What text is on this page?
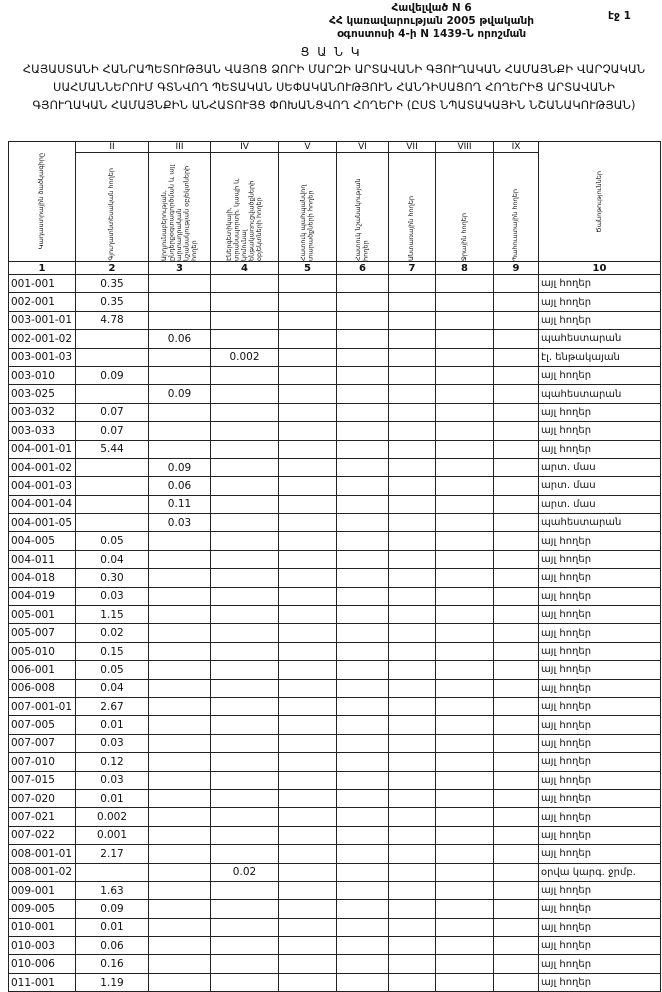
Հավելված N 6
ՀՀ կառավարության 2005 թվականի
օգոստոսի 4-ի N 1439-Ն որոշման
էջ 1
Ց Ա Ն Կ
ՀԱՅԱՍՏԱՆԻ ՀԱՆՐԱՊԵՏՈՒԹՅԱՆ ՎԱՅՈՑ ՁՈՐԻ ՄԱՐԶԻ ԱՐՏԱՎԱՆԻ ԳՅՈՒՂԱԿԱՆ ՀԱՄԱՅՆՔԻ ՎԱՐՉԱԿԱՆ ՍԱՀՄԱՆՆԵՐՈՒՄ ԳՏՆՎՈՂ ՊԵՏԱԿԱՆ ՍԵՓԱԿԱՆՈՒԹՅՈՒՆ ՀԱՆԴԻՍԱՑՈՂ ՀՈՂԵՐԻՑ ԱՐՏԱՎԱՆԻ ԳՅՈՒՂԱԿԱՆ ՀԱՄԱՅՆՔԻՆ ԱՆՀԱՏՈՒՅՑ ՓՈԽԱՆՑՎՈՂ ՀՈՂԵՐԻ (ԸՍՏ ՆՊԱՏԱԿԱՅԻՆ ՆՇԱՆԱԿՈՒԹՅԱՆ)
Կադաստրային ծածկագիրը	II	III	IV	V	VI	VII	VIII	IX	Ծանոթություններ

	Գյուղատնտեսական հողեր	Արդյունաբերության, ընդերքօգտագործման և այլ արտադրական նշանակության օբյեկտների հողեր	Էներգետիկայի, տրանսպորտի, կապի և կոմունալ ենթակառուցվածքների օբյեկտների հողեր	Հատուկ պահպանվող տարածքների հողեր	Հատուկ նշանակության հողեր	Անտառային հողեր	Ջրային հողեր	Պահուստային հողեր	

1	2	3	4	5	6	7	8	9	10
001-001	0.35								այլ հողեր
002-001	0.35								այլ հողեր
003-001-01	4.78								այլ հողեր
002-001-02		0.06							պահեստարան
003-001-03			0.002						էլ. ենթակայան
003-010	0.09								այլ հողեր
003-025		0.09							պահեստարան
003-032	0.07								այլ հողեր
003-033	0.07								այլ հողեր
004-001-01	5.44								այլ հողեր
004-001-02		0.09							արտ. մաս
004-001-03		0.06							արտ. մաս
004-001-04		0.11							արտ. մաս
004-001-05		0.03							պահեստարան
004-005	0.05								այլ հողեր
004-011	0.04								այլ հողեր
004-018	0.30								այլ հողեր
004-019	0.03								այլ հողեր
005-001	1.15								այլ հողեր
005-007	0.02								այլ հողեր
005-010	0.15								այլ հողեր
006-001	0.05								այլ հողեր
006-008	0.04								այլ հողեր
007-001-01	2.67								այլ հողեր
007-005	0.01								այլ հողեր
007-007	0.03								այլ հողեր
007-010	0.12								այլ հողեր
007-015	0.03								այլ հողեր
007-020	0.01								այլ հողեր
007-021	0.002								այլ հողեր
007-022	0.001								այլ հողեր
008-001-01	2.17								այլ հողեր
008-001-02			0.02						օրվա կարգ. ջրմբ.
009-001	1.63								այլ հողեր
009-005	0.09								այլ հողեր
010-001	0.01								այլ հողեր
010-003	0.06								այլ հողեր
010-006	0.16								այլ հողեր
011-001	1.19								այլ հողեր
